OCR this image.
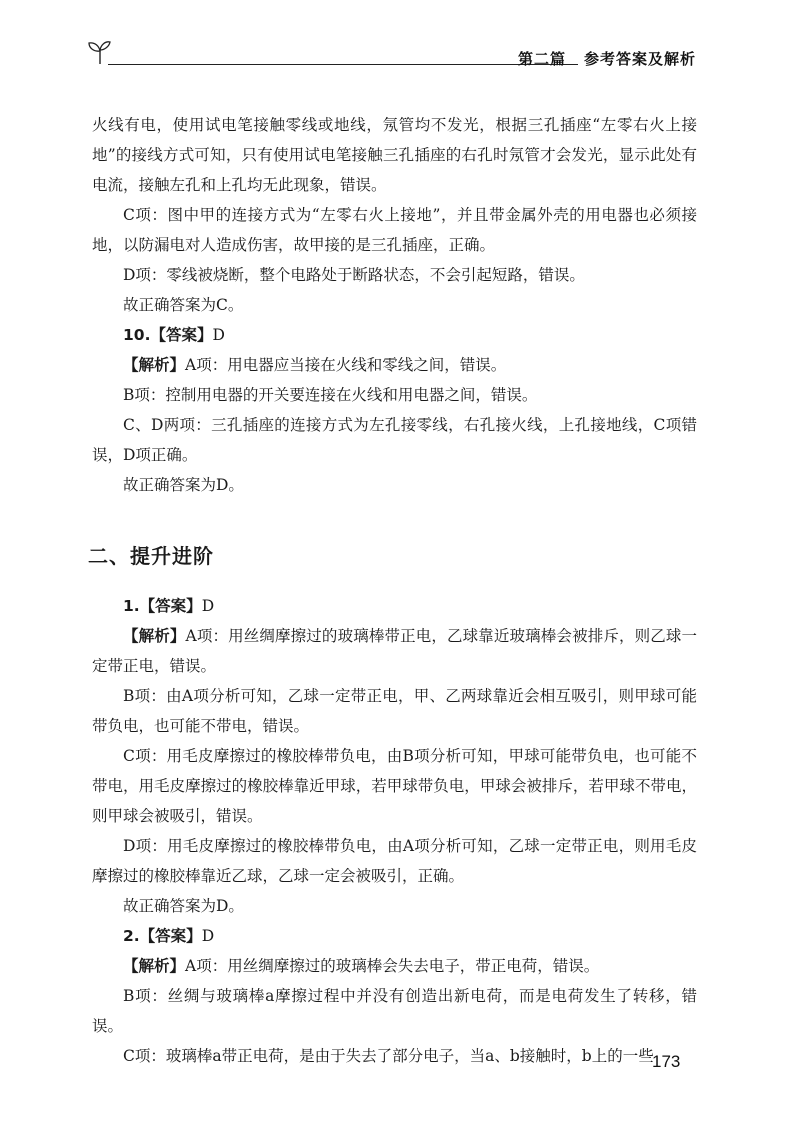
第二篇 参考答案及解析

火线有电，使用试电笔接触零线或地线，氖管均不发光，根据三孔插座“左零右火上接地”的接线方式可知，只有使用试电笔接触三孔插座的右孔时氖管才会发光，显示此处有电流，接触左孔和上孔均无此现象，错误。

C项：图中甲的连接方式为“左零右火上接地”，并且带金属外壳的用电器也必须接地，以防漏电对人造成伤害，故甲接的是三孔插座，正确。

D项：零线被烧断，整个电路处于断路状态，不会引起短路，错误。

故正确答案为C。

10.【答案】D

【解析】A项：用电器应当接在火线和零线之间，错误。

B项：控制用电器的开关要连接在火线和用电器之间，错误。

C、D两项：三孔插座的连接方式为左孔接零线，右孔接火线，上孔接地线，C项错误，D项正确。

故正确答案为D。

二、提升进阶

1.【答案】D

【解析】A项：用丝绸摩擦过的玻璃棒带正电，乙球靠近玻璃棒会被排斥，则乙球一定带正电，错误。

B项：由A项分析可知，乙球一定带正电，甲、乙两球靠近会相互吸引，则甲球可能带负电，也可能不带电，错误。

C项：用毛皮摩擦过的橡胶棒带负电，由B项分析可知，甲球可能带负电，也可能不带电，用毛皮摩擦过的橡胶棒靠近甲球，若甲球带负电，甲球会被排斥，若甲球不带电，则甲球会被吸引，错误。

D项：用毛皮摩擦过的橡胶棒带负电，由A项分析可知，乙球一定带正电，则用毛皮摩擦过的橡胶棒靠近乙球，乙球一定会被吸引，正确。

故正确答案为D。

2.【答案】D

【解析】A项：用丝绸摩擦过的玻璃棒会失去电子，带正电荷，错误。

B项：丝绸与玻璃棒a摩擦过程中并没有创造出新电荷，而是电荷发生了转移，错误。

C项：玻璃棒a带正电荷，是由于失去了部分电子，当a、b接触时，b上的一些

173
